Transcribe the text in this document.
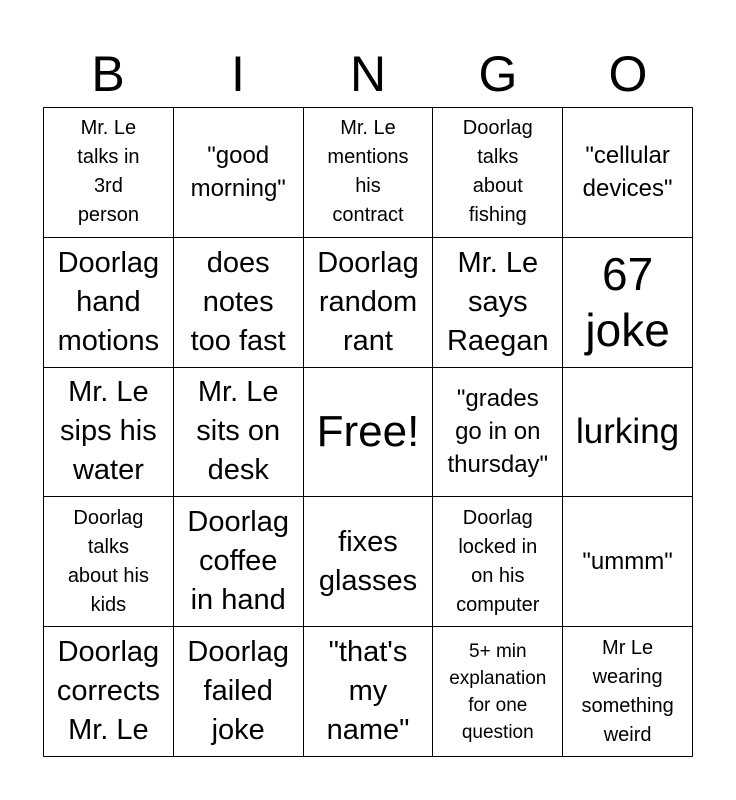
B	I	N	G	O
Mr. Le
talks in
3rd
person
"good
morning"
Mr. Le
mentions
his
contract
Doorlag
talks
about
fishing
"cellular
devices"
Doorlag
hand
motions
does
notes
too fast
Doorlag
random
rant
Mr. Le
says
Raegan
67
joke
Mr. Le
sips his
water
Mr. Le
sits on
desk
Free!
"grades
go in on
thursday"
lurking
Doorlag
talks
about his
kids
Doorlag
coffee
in hand
fixes
glasses
Doorlag
locked in
on his
computer
"ummm"
Doorlag
corrects
Mr. Le
Doorlag
failed
joke
"that's
my
name"
5+ min
explanation
for one
question
Mr Le
wearing
something
weird
